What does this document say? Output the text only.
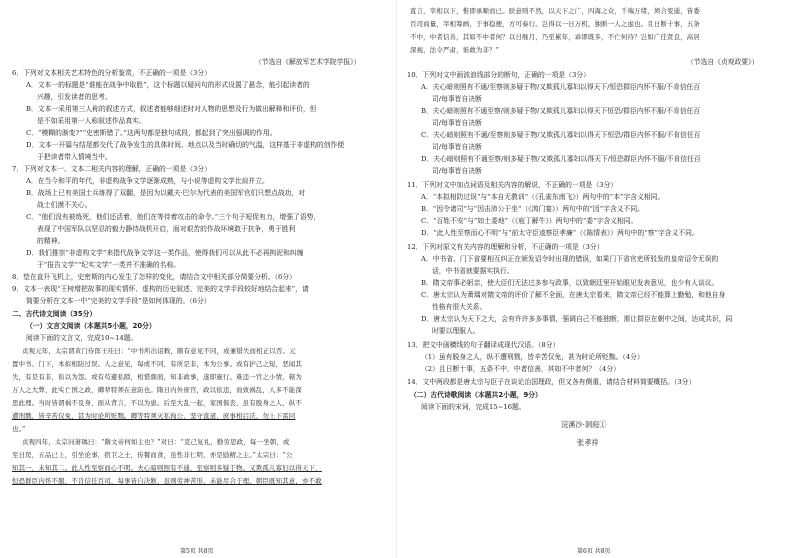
（节选自《解放军艺术学院学报》）
6．下列对文本相关艺术特色的分析鉴赏，不正确的一项是（3分）
A．文本一的标题是“谁能在战争中取胜”，这个标题以疑问句的形式设置了悬念，能引起读者的
兴趣，引发读者的思考。
B．文本一采用第三人称的叙述方式，叙述者能够细述时对人物的思想及行为做出解释和评价，但
是不如采用第一人称叙述作品真实。
C．“模糊的渐变?”“史密斯错了。”这两句都是独句成段，都起到了突出强调的作用。
D．文本一开篇与结尾都交代了战争发生的具体时间、地点以及当时确切的气温，这样基于非虚构的创作便
于把读者带入情境当中。
7．下列对文本一、文本二相关内容的理解，正确的一项是（3分）
A．在当今和平的年代，非虚构战争文学逐渐成熟，与小说等虚构文学比肩并立。
B．战场上已有美国士兵练得了双翻，是因为以戴夫·巴尔为代表的美国军官们只想点战功，对
战士们漠不关心。
C．“他们没有被练死，他们还活着，他们在等待着攻击的命令。”三个句子短促有力，增强了语势，
表现了中国军队以坚忍的毅力静待战机开启，面对艰苦的作战环境敢于抗争，勇于胜利
的精神。
D．我们推崇“非虚构文学”来指代战争文学这一类作品，使得我们可以从此不必再拘泥和纠缠
于“报告文学”“纪实文学”一类并不准确的名称。
8．垫在直升飞机上，史密斯的内心发生了怎样的变化，请结合文中相关部分简要分析。（6分）
9．文本一表现“王树增把故事的现实情怀、虚构的历史叙述、完美的文学手段较好地结合起来”，请
简要分析在文本一中“完美的文学手段”是如何体现的。（6分）
二、古代诗文阅读（35分）
（一）文言文阅读（本题共5小题，20分）
阅读下面的文言文，完成10~14题。
贞观元年，太宗谓黄门侍郎王珪曰：“中书所出诏敕，颇有意见不同，或兼错失而相正以否。元
置中书、门下，本拟相防过误。人之意见，每或不同，有所是非，本为公事。或有护己之短，恶闻其
失，有是有非，衔以为怨。或有苟避私隙，相惜颜面，知非政事，遂即施行。难违一官之小情，顿为
万人之大弊，此实亡国之政，卿辈特须在意防也。隋日内外庶官，政以依违，而致祸乱，人多不能深
思此理。当时皆谓祸不及身，面从背言，不以为患。后至大乱一起，家国俱丧，虽有脱身之人，纵不
遭刑戮，皆辛苦仅免，甚为时论所贬黜。卿等特须灭私徇公，坚守直道，庶事相启沃，勿上下雷同
也。”
贞观四年，太宗问萧瑀曰：“隋文帝何如主也？”对曰：“克己复礼，勤劳思政，每一坐朝，或
至日昃，五品已上，引坐论事，宿卫之士，传餐而食，虽性非仁明，亦是励精之主。”太宗曰：“公
知其一，未知其二。此人性至察而心不明。夫心暗则照有不通，至察则多疑于物。又欺孤儿寡妇以得天下，
恒恐群臣内怀不服，不肯信任百司，每事皆自决断，虽则劳神苦形，未能尽合于理。朝臣既知其意，亦不敢
第5页 共8页
直言，宰相以下，惟即承顺而已。朕意则不然，以天下之广，四海之众，千端万绪，须合变通，皆委
百司商量，宰相筹画，于事稳便，方可奏行。岂得以一日万机，独断一人之虑也。且日断十事，五条
不中，中者信善，其如不中者何？以日继月，乃至累年，乖谬既多，不亡何待？岂如广任贤良，高居
深视，法令严肃，谁敢为非？”
（节选自《贞观政要》）
10．下列对文中画波浪线部分的断句，正确的一项是（3分）
A．夫心暗则照有不通/至察则多疑于物/又欺孤儿寡妇以得天下/恒恐群臣内怀不服/不肯信任百
司/每事皆自决断
B．夫心暗则照有不通至察/则多疑于物/又欺孤儿寡妇以得天下恒恐/群臣内怀不服/不肯信任百
司/每事皆自决断
C．夫心暗则照有不通/至察则多疑于物/又欺孤儿寡妇以得天下恒恐/群臣内怀不服/不肯信任百
司/每事皆自决断
D．夫心暗则照有不通至察/则多疑于物/又欺孤儿寡妇以得天下/恒恐群臣内怀不服/不肯信任百
司/每事皆自决断
11．下列对文中加点词语及相关内容的解说，不正确的一项是（3分）
A．“本拟相防过误”与“本自无教训”（《孔雀东南飞》）两句中的“本”字含义相同。
B．“因令诸司”与“因击沛公于坐”（《鸿门宴》）两句中的“因”字含义不同。
C．“百姓不安”与“如土委地”（《庖丁解牛》）两句中的“委”字含义相同。
D．“此人性至察而心不明”与“前太守臣逵察臣孝廉”（《陈情表》）两句中的“察”字含义不同。
12．下列对原文有关内容的理解和分析，不正确的一项是（3分）
A．中书省、门下省要相互纠正在颁发诏令时出现的错误，如果门下省官吏所驳发的皇帝诏令无误的
话，中书省就要据实执行。
B．隋文帝事必躬亲，使大臣们无法过多参与政事，以致朝廷里开始眼见发表意见，也少有人谈议。
C．唐太宗认为萧瑀对隋文帝的评价了解不全面，在唐太宗看来，隋文帝已经不能算上勤勉，和他自身
性格有很大关系。
D．唐太宗认为天下之大，会有许许多多事情，强调自己不能独断，需让群臣在朝中之间，达成共识，同
时要以理服人。
13．把文中画横线的句子翻译成现代汉语。（8分）
（1）虽有脱身之人，纵不遭刑戮，皆辛苦仅免，甚为时论所贬黜。（4分）
（2）且日断十事，五条不中，中者信善，其如不中者何？（4分）
14．文中两段都是唐太宗与臣子在谈论治国理政，但又各有侧重，请结合材料简要概括。（3分）
（二）古代诗歌阅读（本题共2小题，9分）
阅读下面的宋词，完成15~16题。
浣溪沙·洞庭①
张孝祥
第6页 共8页
